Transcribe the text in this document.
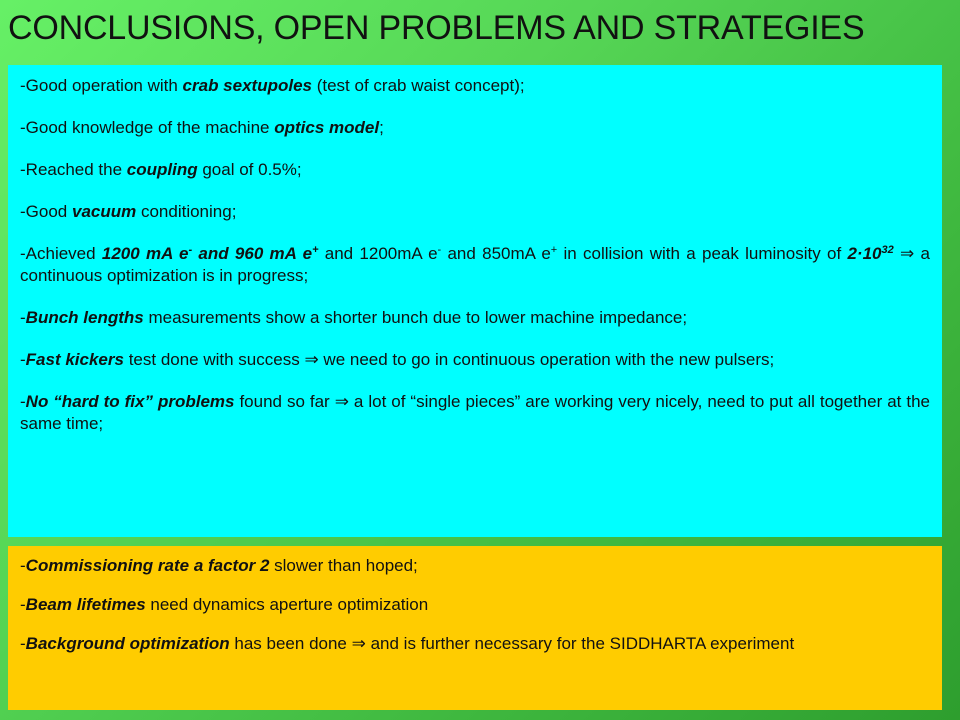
CONCLUSIONS, OPEN PROBLEMS AND STRATEGIES
-Good operation with crab sextupoles (test of crab waist concept);
-Good knowledge of the machine optics model;
-Reached the coupling goal of 0.5%;
-Good vacuum conditioning;
-Achieved 1200 mA e- and 960 mA e+ and 1200mA e- and 850mA e+ in collision with a peak luminosity of $2\cdot 10^{32}$ ⇒ a continuous optimization is in progress;
-Bunch lengths measurements show a shorter bunch due to lower machine impedance;
-Fast kickers test done with success ⇒ we need to go in continuous operation with the new pulsers;
-No “hard to fix” problems found so far ⇒ a lot of “single pieces” are working very nicely, need to put all together at the same time;
-Commissioning rate a factor 2 slower than hoped;
-Beam lifetimes need dynamics aperture optimization
-Background optimization has been done ⇒ and is further necessary for the SIDDHARTA experiment
